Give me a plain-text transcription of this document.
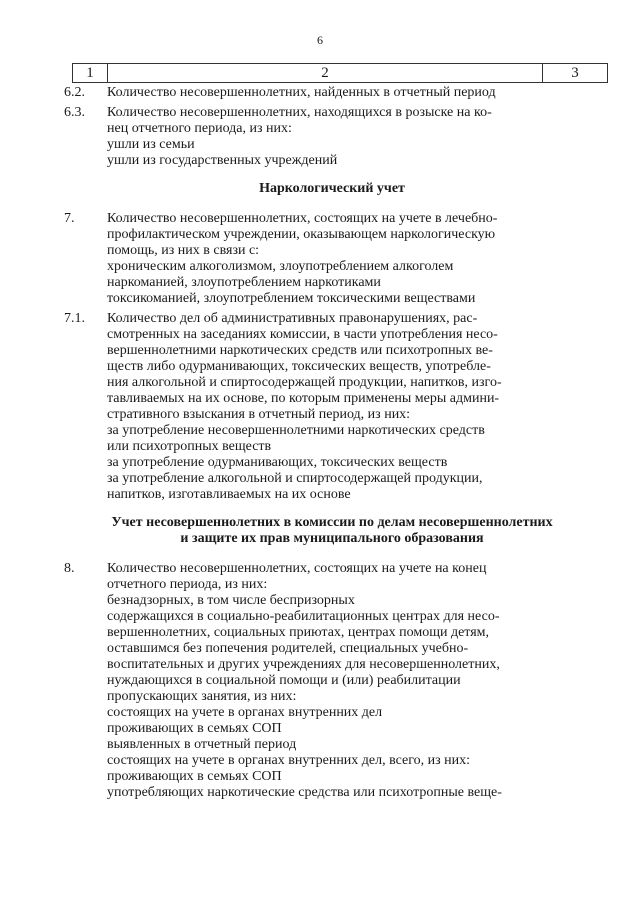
6
1	2	3
6.2.	Количество несовершеннолетних, найденных в отчетный период
6.3.	Количество несовершеннолетних, находящихся в розыске на ко-
нец отчетного периода, из них:
ушли из семьи
ушли из государственных учреждений
Наркологический учет
7.	Количество несовершеннолетних, состоящих на учете в лечебно-
профилактическом учреждении, оказывающем наркологическую
помощь, из них в связи с:
хроническим алкоголизмом, злоупотреблением алкоголем
наркоманией, злоупотреблением наркотиками
токсикоманией, злоупотреблением токсическими веществами
7.1.	Количество дел об административных правонарушениях, рас-
смотренных на заседаниях комиссии, в части употребления несо-
вершеннолетними наркотических средств или психотропных ве-
ществ либо одурманивающих, токсических веществ, употребле-
ния алкогольной и спиртосодержащей продукции, напитков, изго-
тавливаемых на их основе, по которым применены меры админи-
стративного взыскания в отчетный период, из них:
за употребление несовершеннолетними наркотических средств
или психотропных веществ
за употребление одурманивающих, токсических веществ
за употребление алкогольной и спиртосодержащей продукции,
напитков, изготавливаемых на их основе
Учет несовершеннолетних в комиссии по делам несовершеннолетних
и защите их прав муниципального образования
8.	Количество несовершеннолетних, состоящих на учете на конец
отчетного периода, из них:
безнадзорных, в том числе беспризорных
содержащихся в социально-реабилитационных центрах для несо-
вершеннолетних, социальных приютах, центрах помощи детям,
оставшимся без попечения родителей, специальных учебно-
воспитательных и других учреждениях для несовершеннолетних,
нуждающихся в социальной помощи и (или) реабилитации
пропускающих занятия, из них:
состоящих на учете в органах внутренних дел
проживающих в семьях СОП
выявленных в отчетный период
состоящих на учете в органах внутренних дел, всего, из них:
проживающих в семьях СОП
употребляющих наркотические средства или психотропные веще-
